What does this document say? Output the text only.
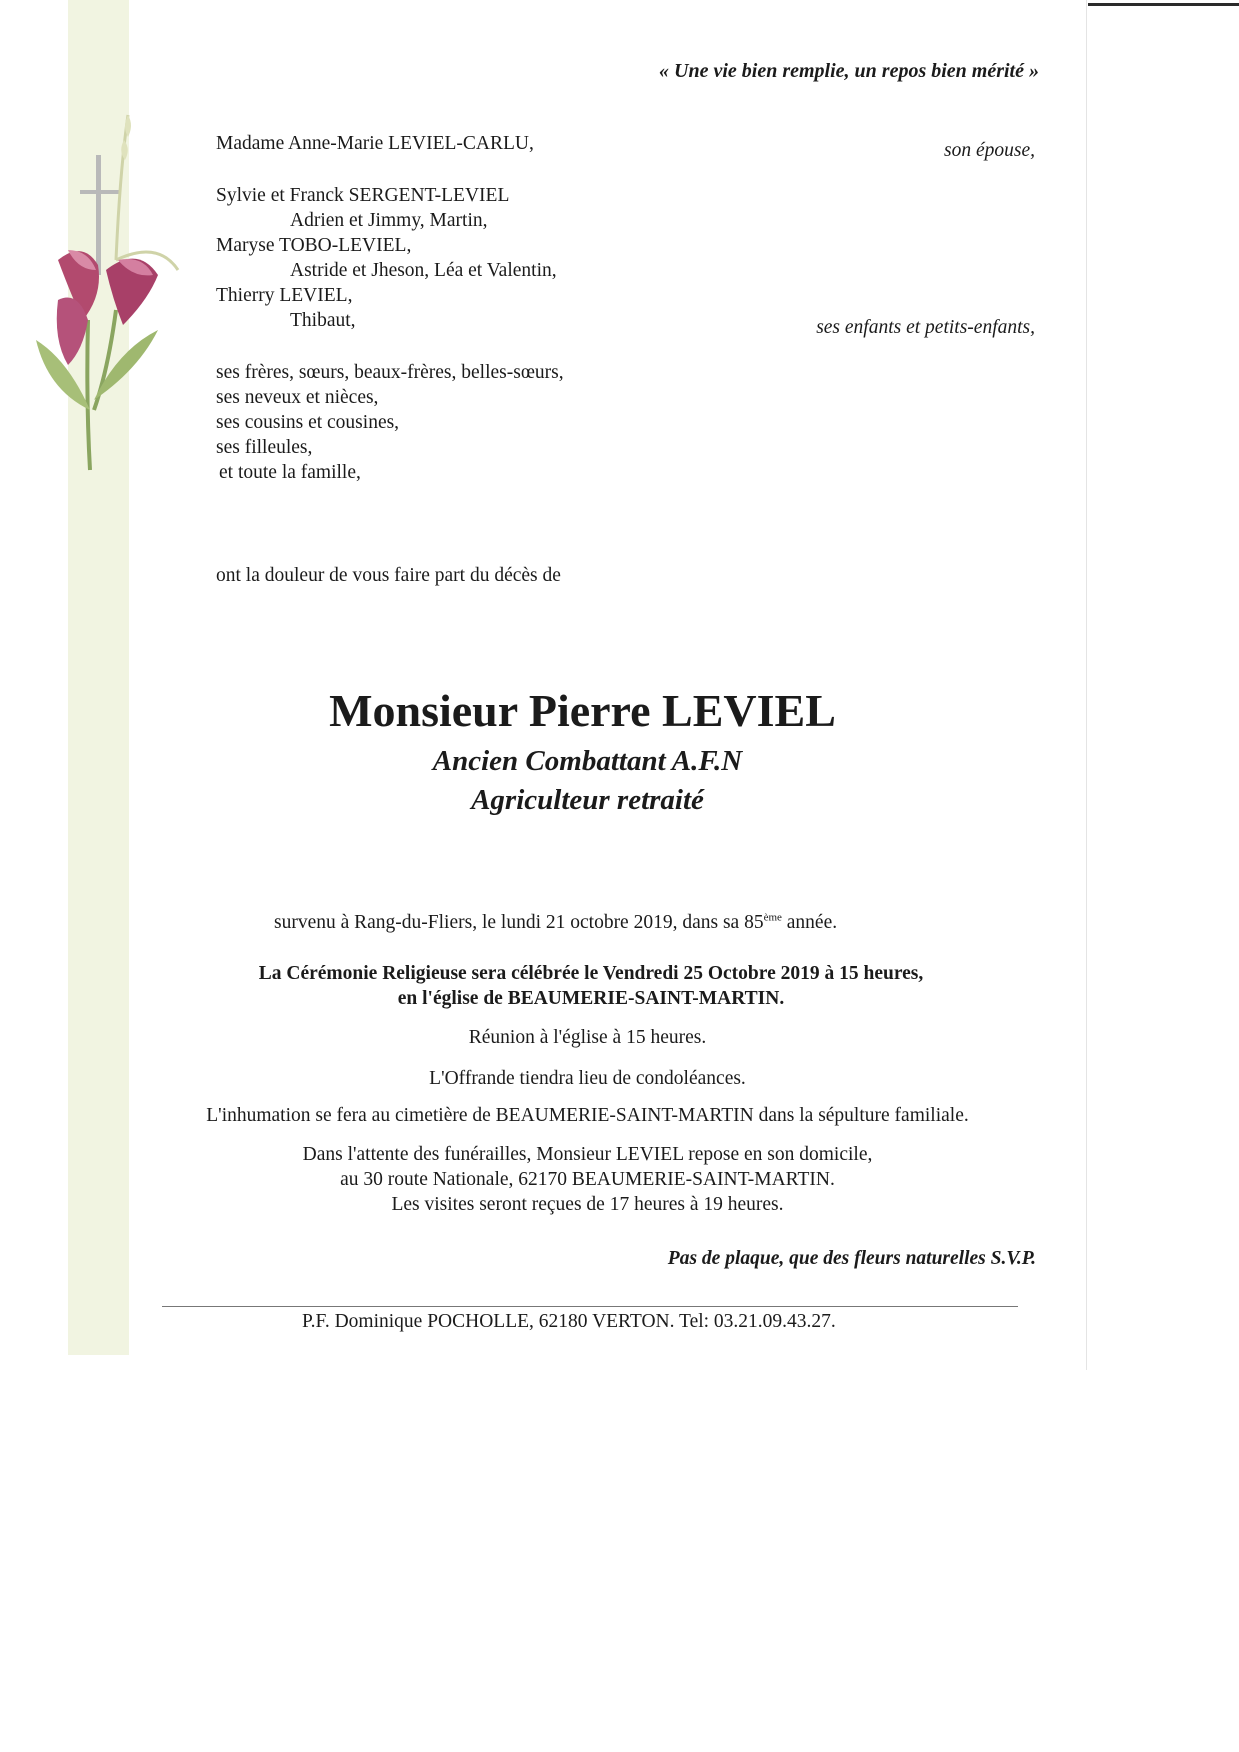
« Une vie bien remplie, un repos bien mérité »
Madame Anne-Marie LEVIEL-CARLU,	son épouse,
Sylvie et Franck SERGENT-LEVIEL
Adrien et Jimmy, Martin,
Maryse TOBO-LEVIEL,
Astride et Jheson, Léa et Valentin,
Thierry LEVIEL,
Thibaut,	ses enfants et petits-enfants,
ses frères, sœurs, beaux-frères, belles-sœurs,
ses neveux et nièces,
ses cousins et cousines,
ses filleules,
et toute la famille,
ont la douleur de vous faire part du décès de
Monsieur Pierre LEVIEL
Ancien Combattant A.F.N
Agriculteur retraité
survenu à Rang-du-Fliers, le lundi 21 octobre 2019, dans sa 85ème année.
La Cérémonie Religieuse sera célébrée le Vendredi 25 Octobre 2019 à 15 heures,
en l'église de BEAUMERIE-SAINT-MARTIN.
Réunion à l'église à 15 heures.
L'Offrande tiendra lieu de condoléances.
L'inhumation se fera au cimetière de BEAUMERIE-SAINT-MARTIN dans la sépulture familiale.
Dans l'attente des funérailles, Monsieur LEVIEL repose en son domicile,
au 30 route Nationale, 62170 BEAUMERIE-SAINT-MARTIN.
Les visites seront reçues de 17 heures à 19 heures.
Pas de plaque, que des fleurs naturelles S.V.P.
P.F. Dominique POCHOLLE, 62180 VERTON. Tel: 03.21.09.43.27.
